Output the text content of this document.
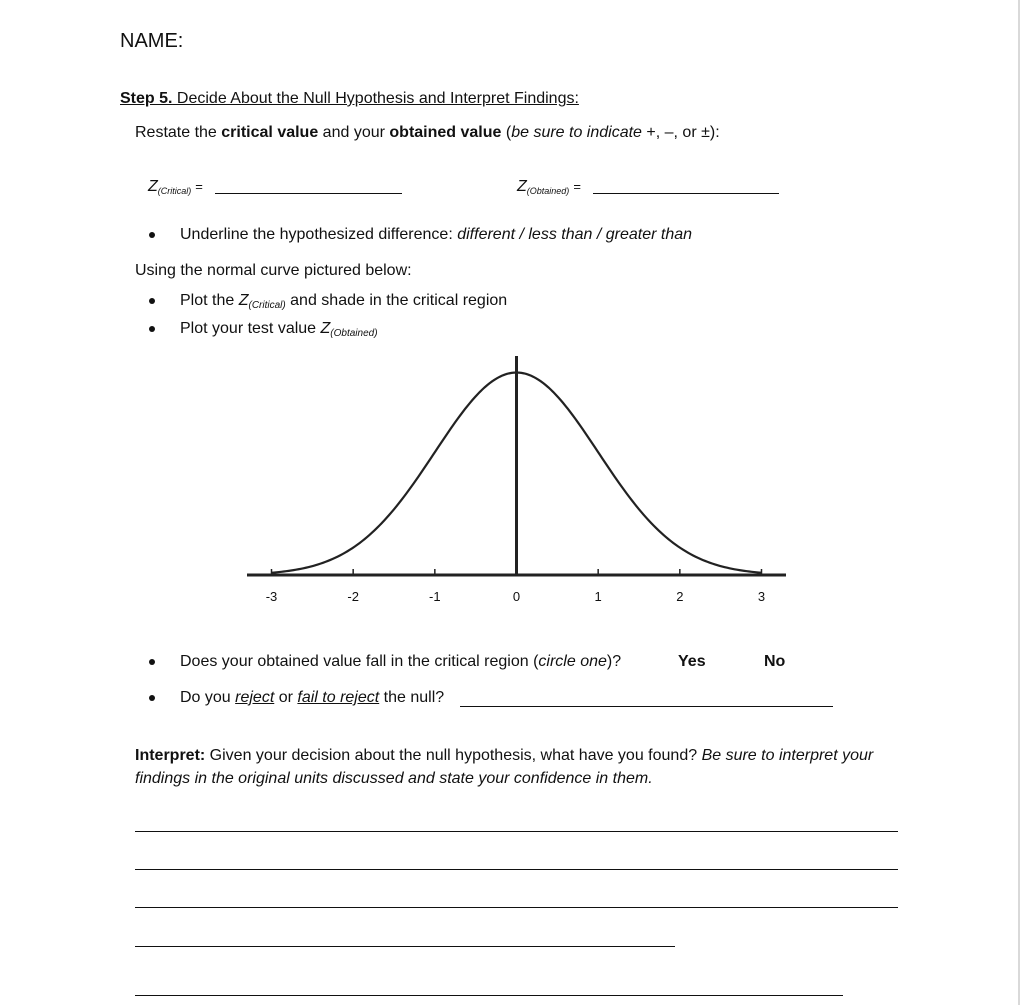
NAME:
Step 5. Decide About the Null Hypothesis and Interpret Findings:
Restate the critical value and your obtained value (be sure to indicate +, –, or ±):
$Z_{(Critical)}$ =	$Z_{(Obtained)}$ =
Underline the hypothesized difference: different / less than / greater than
Using the normal curve pictured below:
Plot the $Z_{(Critical)}$ and shade in the critical region
Plot your test value $Z_{(Obtained)}$
-3	-2	-1	0	1	2	3
Does your obtained value fall in the critical region (circle one)?	Yes	No
Do you reject or fail to reject the null?
Interpret: Given your decision about the null hypothesis, what have you found? Be sure to interpret your findings in the original units discussed and state your confidence in them.
